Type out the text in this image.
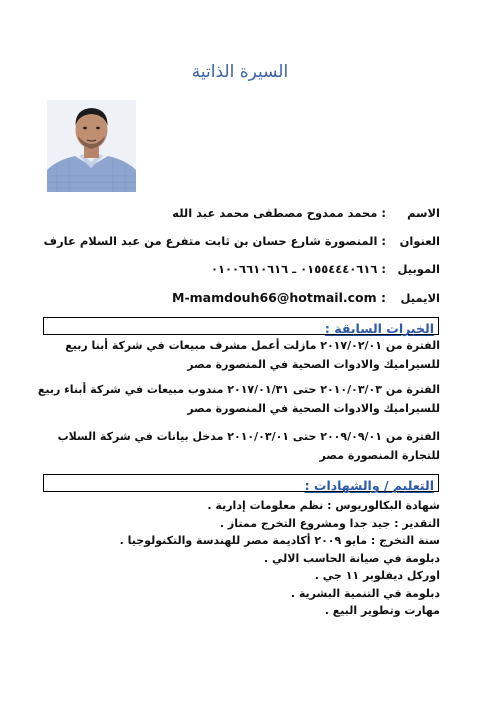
السيرة الذاتية
الاسم : محمد ممدوح مصطفى محمد عبد الله
العنوان : المنصورة شارع حسان بن ثابت متفرع من عبد السلام عارف
الموبيل : ٠١٥٥٤٤٤٠٦١٦ ـ ٠١٠٠٦٦١٠٦١٦
الايميل M-mamdouh66@hotmail.com :
الخبرات السابقة :
الفترة من ٢٠١٧/٠٢/٠١ مازلت أعمل مشرف مبيعات في شركة أبنا ربيع
للسيراميك والادوات الصحية في المنصورة مصر
الفترة من ٢٠١٠/٠٣/٠٣ حتى ٢٠١٧/٠١/٣١ مندوب مبيعات في شركة أبناء ربيع
للسيراميك والادوات الصحية في المنصورة مصر
الفترة من ٢٠٠٩/٠٩/٠١ حتى ٢٠١٠/٠٣/٠١ مدخل بيانات في شركة السلاب
للتجارة المنصورة مصر
التعليم / والشهادات :
شهادة البكالوريوس : نظم معلومات إدارية .
التقدير : جيد جدا ومشروع التخرج ممتاز .
سنة التخرج : مايو ٢٠٠٩ أكاديمة مصر للهندسة والتكنولوجيا .
دبلومة في صيانة الحاسب الالي .
اوركل ديفلوبر ١١ جي .
دبلومة في التنمية البشرية .
مهارت وتطوير البيع .
